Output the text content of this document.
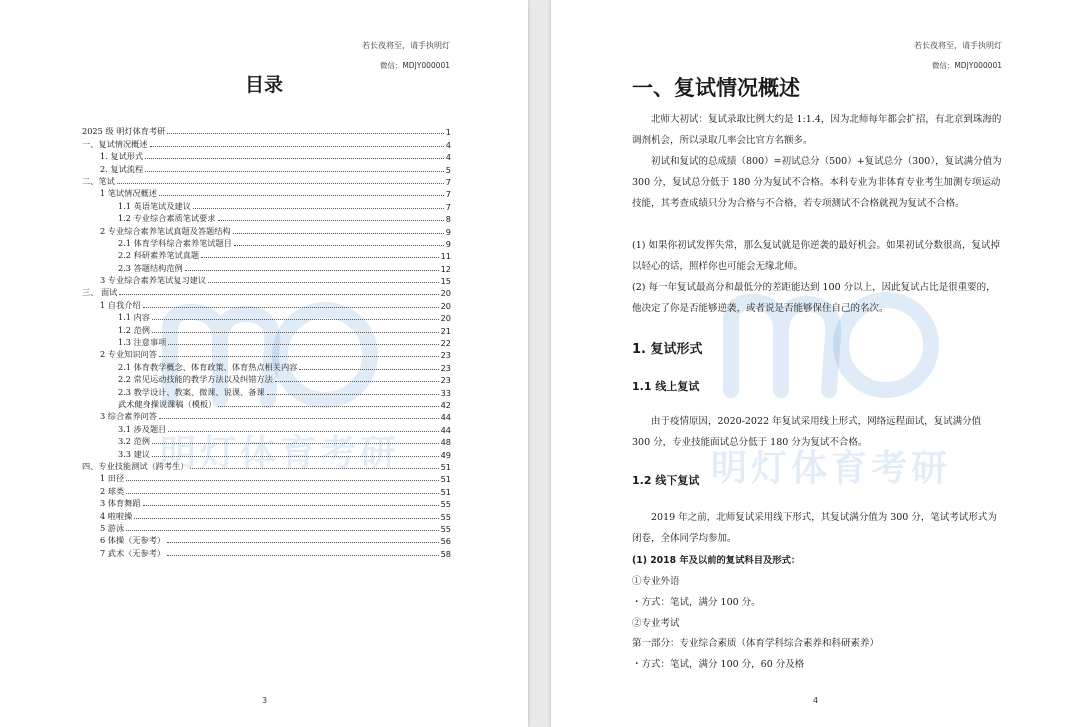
明灯体育考研
若长夜将至，请手执明灯
微信：MDJY000001
目录
2025 级 明灯体育考研	1
一、复试情况概述	4
1. 复试形式	4
2. 复试流程	5
二、笔试	7
1 笔试情况概述	7
1.1 英语笔试及建议	7
1.2 专业综合素质笔试要求	8
2 专业综合素养笔试真题及答题结构	9
2.1 体育学科综合素养笔试题目	9
2.2 科研素养笔试真题	11
2.3 答题结构范例	12
3 专业综合素养笔试复习建议	15
三、 面试	20
1 自我介绍	20
1.1 内容	20
1.2 范例	21
1.3 注意事项	22
2 专业知识问答	23
2.1 体育教学概念、体育政策、体育热点相关内容	23
2.2 常见运动技能的教学方法以及纠错方法	23
2.3 教学设计、教案、微课、说课、备课	33
武术健身操说课稿（模板）	42
3 综合素养问答	44
3.1 涉及题目	44
3.2 范例	48
3.3 建议	49
四、专业技能测试（跨考生）	51
1 田径	51
2 球类	51
3 体育舞蹈	55
4 啦啦操	55
5 游泳	55
6 体操（无参考）	56
7 武术（无参考）	58
3
明灯体育考研
若长夜将至，请手执明灯
微信：MDJY000001
一、复试情况概述
北师大初试：复试录取比例大约是 1:1.4，因为北师每年都会扩招，有北京到珠海的调剂机会，所以录取几率会比官方名额多。
初试和复试的总成绩（800）=初试总分（500）+复试总分（300），复试满分值为 300 分，复试总分低于 180 分为复试不合格。本科专业为非体育专业考生加测专项运动技能，其考查成绩只分为合格与不合格，若专项测试不合格就视为复试不合格。
(1) 如果你初试发挥失常，那么复试就是你逆袭的最好机会。如果初试分数很高，复试掉以轻心的话，照样你也可能会无缘北师。
(2) 每一年复试最高分和最低分的差距能达到 100 分以上，因此复试占比是很重要的，他决定了你是否能够逆袭，或者说是否能够保住自己的名次。
1. 复试形式
1.1 线上复试
由于疫情原因，2020-2022 年复试采用线上形式，网络远程面试，复试满分值 300 分，专业技能面试总分低于 180 分为复试不合格。
1.2 线下复试
2019 年之前，北师复试采用线下形式，其复试满分值为 300 分，笔试考试形式为闭卷，全体同学均参加。
(1) 2018 年及以前的复试科目及形式：
①专业外语
・方式：笔试，满分 100 分。
②专业考试
第一部分：专业综合素质（体育学科综合素养和科研素养）
・方式：笔试，满分 100 分，60 分及格
4
